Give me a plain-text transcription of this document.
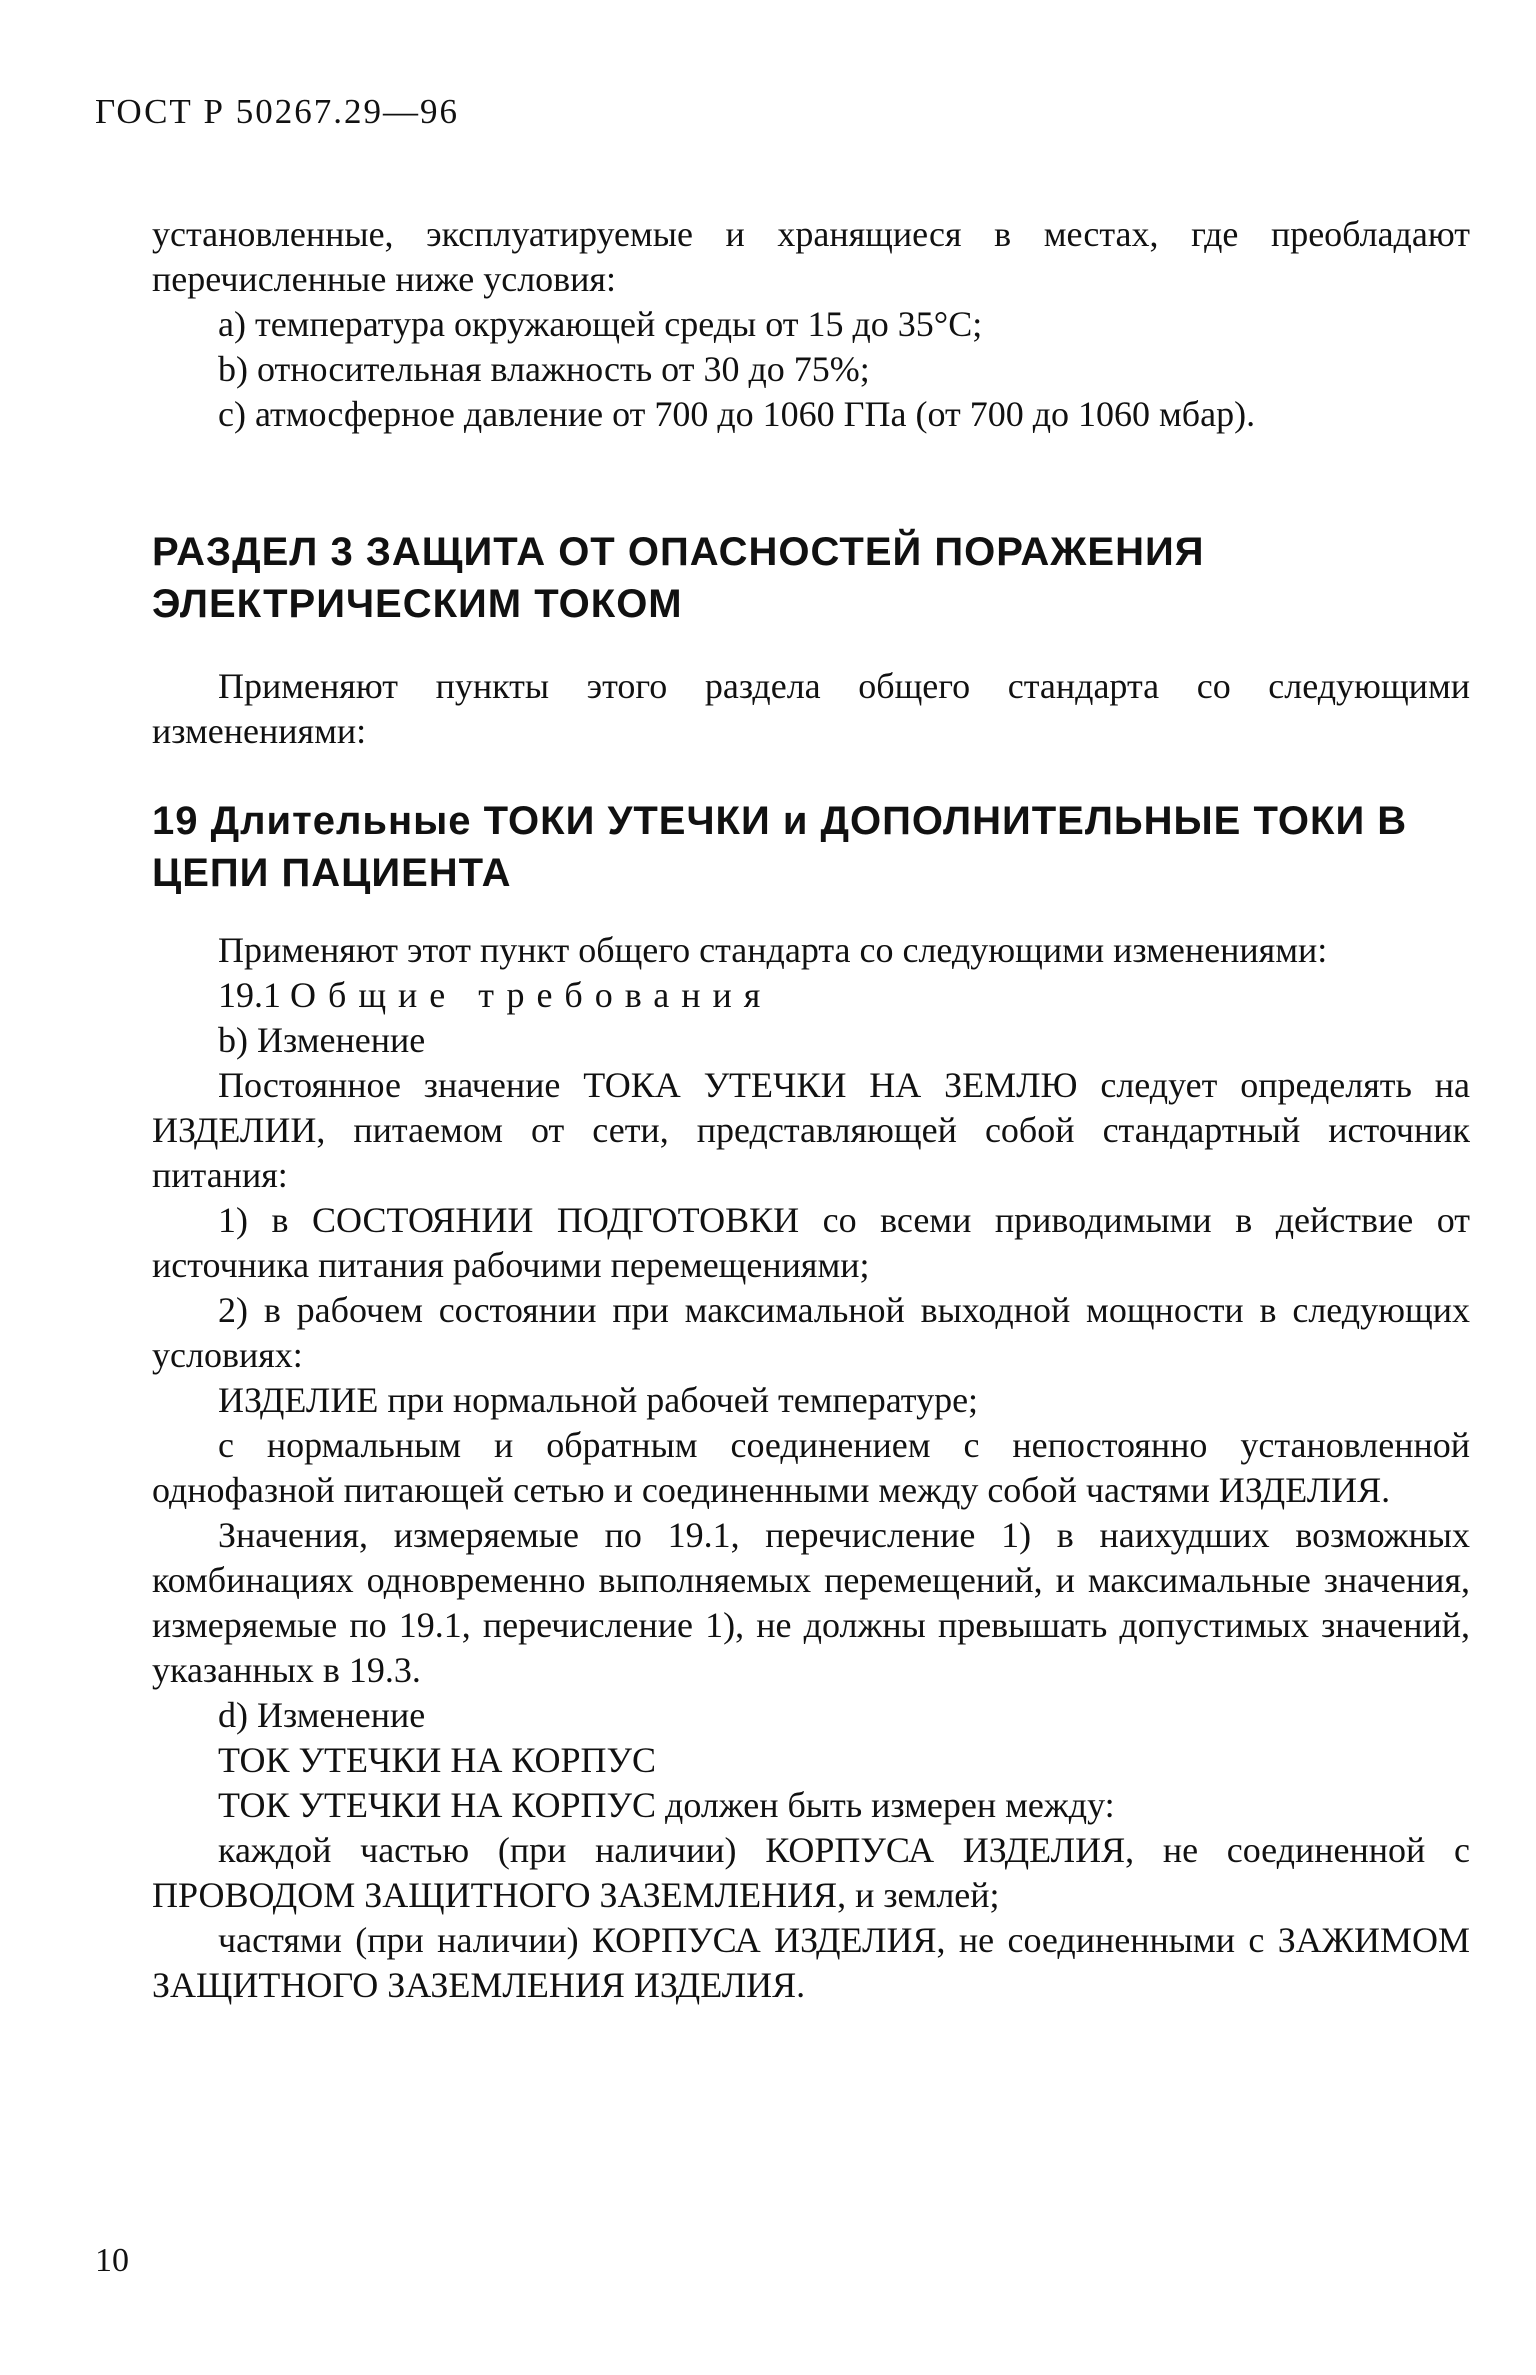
ГОСТ Р 50267.29—96

установленные, эксплуатируемые и хранящиеся в местах, где преобладают перечисленные ниже условия:

а) температура окружающей среды от 15 до 35°С;

b) относительная влажность от 30 до 75%;

с) атмосферное давление от 700 до 1060 ГПа (от 700 до 1060 мбар).

РАЗДЕЛ 3 ЗАЩИТА ОТ ОПАСНОСТЕЙ ПОРАЖЕНИЯ ЭЛЕКТРИЧЕСКИМ ТОКОМ

Применяют пункты этого раздела общего стандарта со следующими изменениями:

19 Длительные ТОКИ УТЕЧКИ и ДОПОЛНИТЕЛЬНЫЕ ТОКИ В ЦЕПИ ПАЦИЕНТА

Применяют этот пункт общего стандарта со следующими изменениями:

19.1 Общие требования

b) Изменение

Постоянное значение ТОКА УТЕЧКИ НА ЗЕМЛЮ следует определять на ИЗДЕЛИИ, питаемом от сети, представляющей собой стандартный источник питания:

1) в СОСТОЯНИИ ПОДГОТОВКИ со всеми приводимыми в действие от источника питания рабочими перемещениями;

2) в рабочем состоянии при максимальной выходной мощности в следующих условиях:

ИЗДЕЛИЕ при нормальной рабочей температуре;

с нормальным и обратным соединением с непостоянно установленной однофазной питающей сетью и соединенными между собой частями ИЗДЕЛИЯ.

Значения, измеряемые по 19.1, перечисление 1) в наихудших возможных комбинациях одновременно выполняемых перемещений, и максимальные значения, измеряемые по 19.1, перечисление 1), не должны превышать допустимых значений, указанных в 19.3.

d) Изменение

ТОК УТЕЧКИ НА КОРПУС

ТОК УТЕЧКИ НА КОРПУС должен быть измерен между:

каждой частью (при наличии) КОРПУСА ИЗДЕЛИЯ, не соединенной с ПРОВОДОМ ЗАЩИТНОГО ЗАЗЕМЛЕНИЯ, и землей;

частями (при наличии) КОРПУСА ИЗДЕЛИЯ, не соединенными с ЗАЖИМОМ ЗАЩИТНОГО ЗАЗЕМЛЕНИЯ ИЗДЕЛИЯ.

10
